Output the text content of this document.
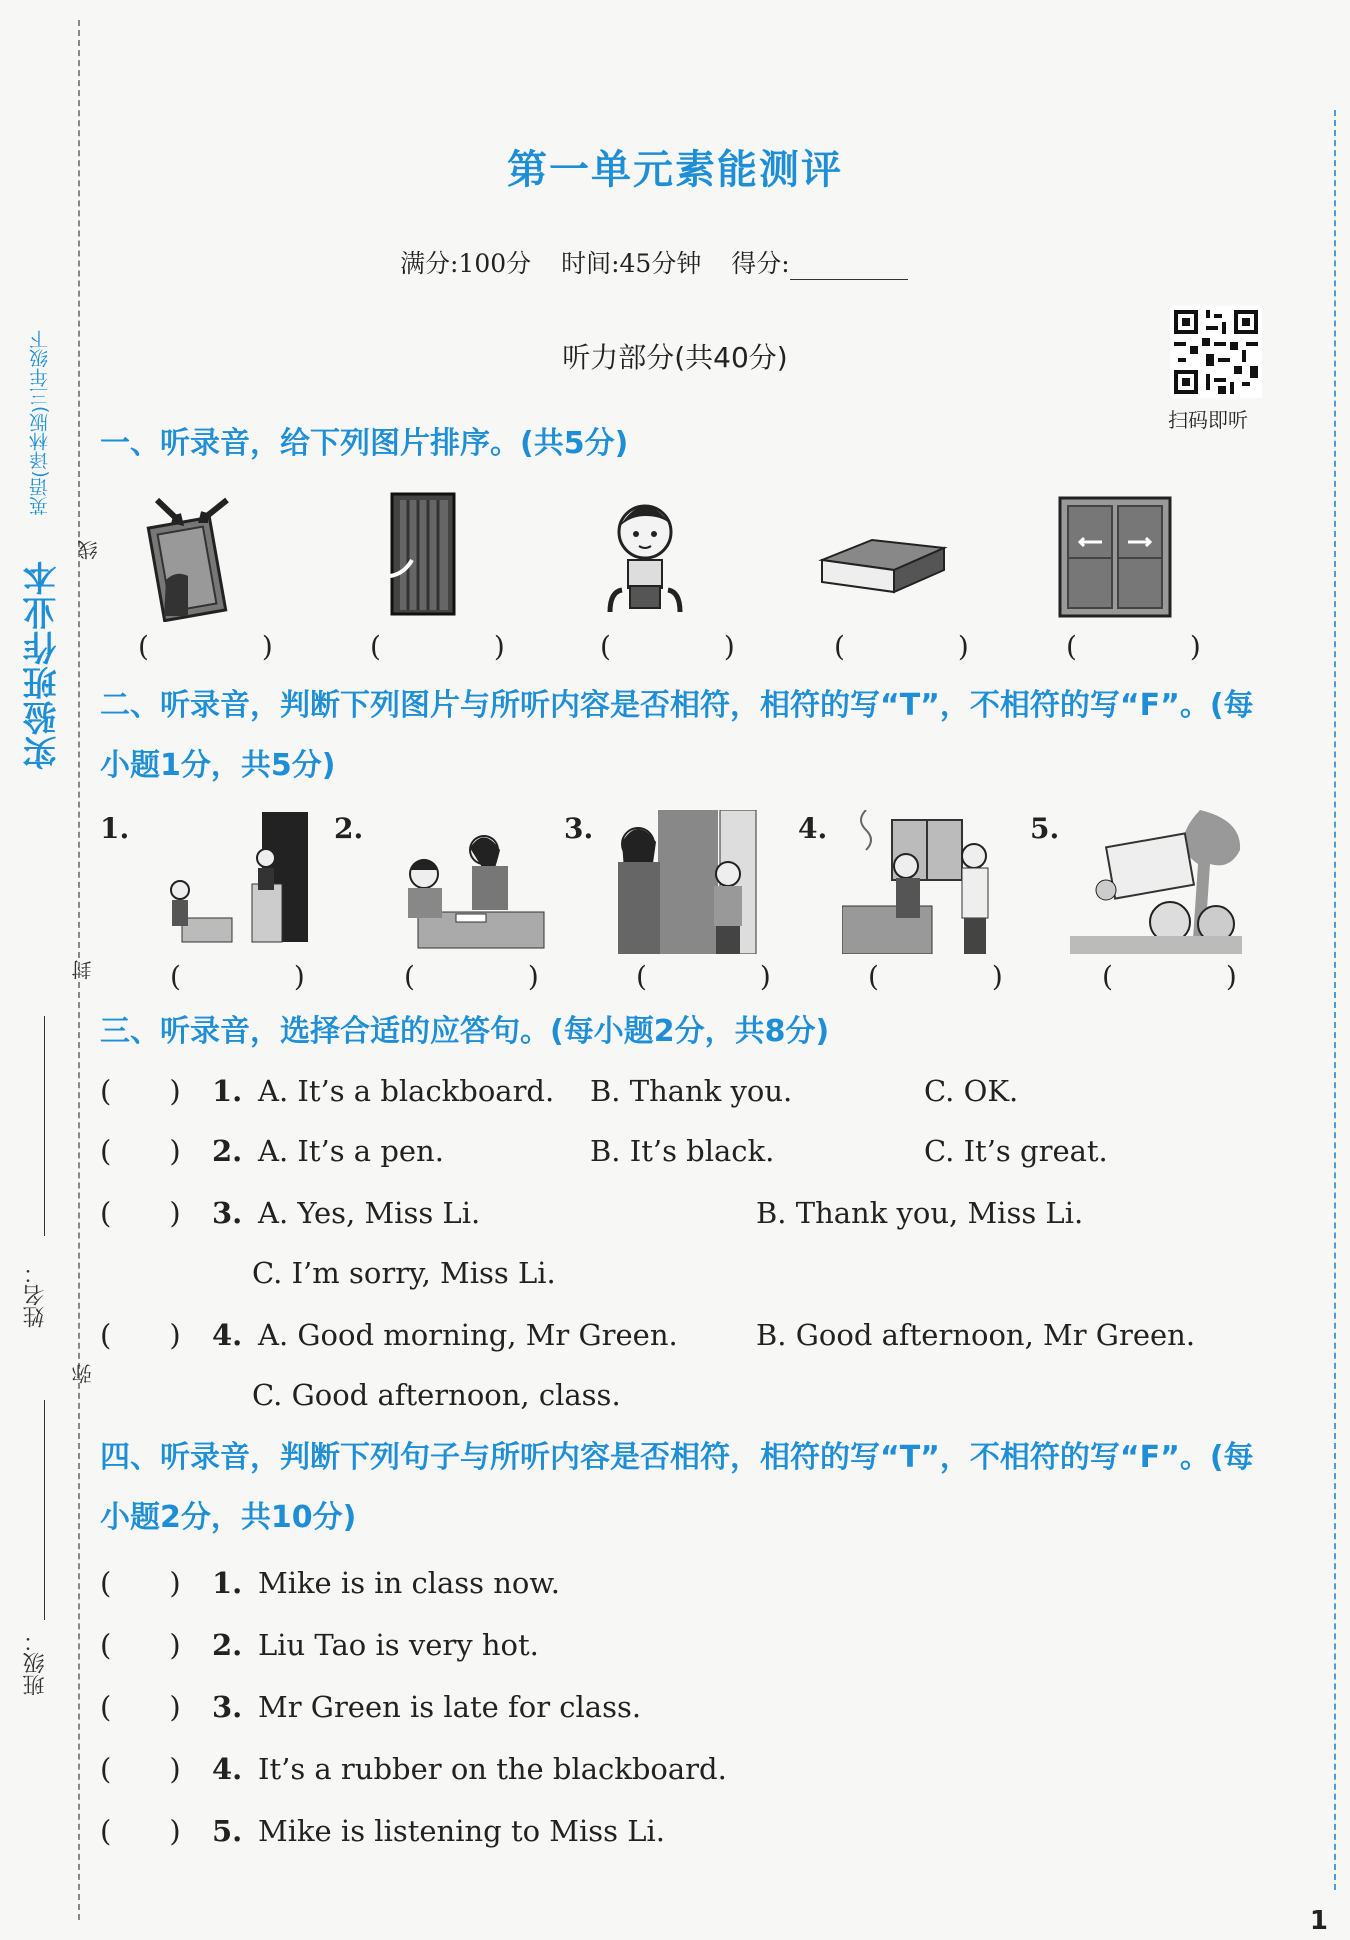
实验班作业本
英语(译林版)三年级下
线
封
弥
姓名：
班级：
第一单元素能测评
满分:100分 时间:45分钟 得分:
听力部分(共40分)
扫码即听
一、听录音，给下列图片排序。(共5分)
( ) ( ) ( ) ( ) ( )
二、听录音，判断下列图片与所听内容是否相符，相符的写“T”，不相符的写“F”。(每小题1分，共5分)
1.	2.	3.	4.	5.
( ) ( ) ( ) ( ) ( )
三、听录音，选择合适的应答句。(每小题2分，共8分)
(   ) 1. A. It’s a blackboard. B. Thank you.	C. OK.
(   ) 2. A. It’s a pen.	B. It’s black.	C. It’s great.
(   ) 3. A. Yes, Miss Li.	B. Thank you, Miss Li.
C. I’m sorry, Miss Li.
(   ) 4. A. Good morning, Mr Green.	B. Good afternoon, Mr Green.
C. Good afternoon, class.
四、听录音，判断下列句子与所听内容是否相符，相符的写“T”，不相符的写“F”。(每小题2分，共10分)
(   ) 1. Mike is in class now.
(   ) 2. Liu Tao is very hot.
(   ) 3. Mr Green is late for class.
(   ) 4. It’s a rubber on the blackboard.
(   ) 5. Mike is listening to Miss Li.
1
